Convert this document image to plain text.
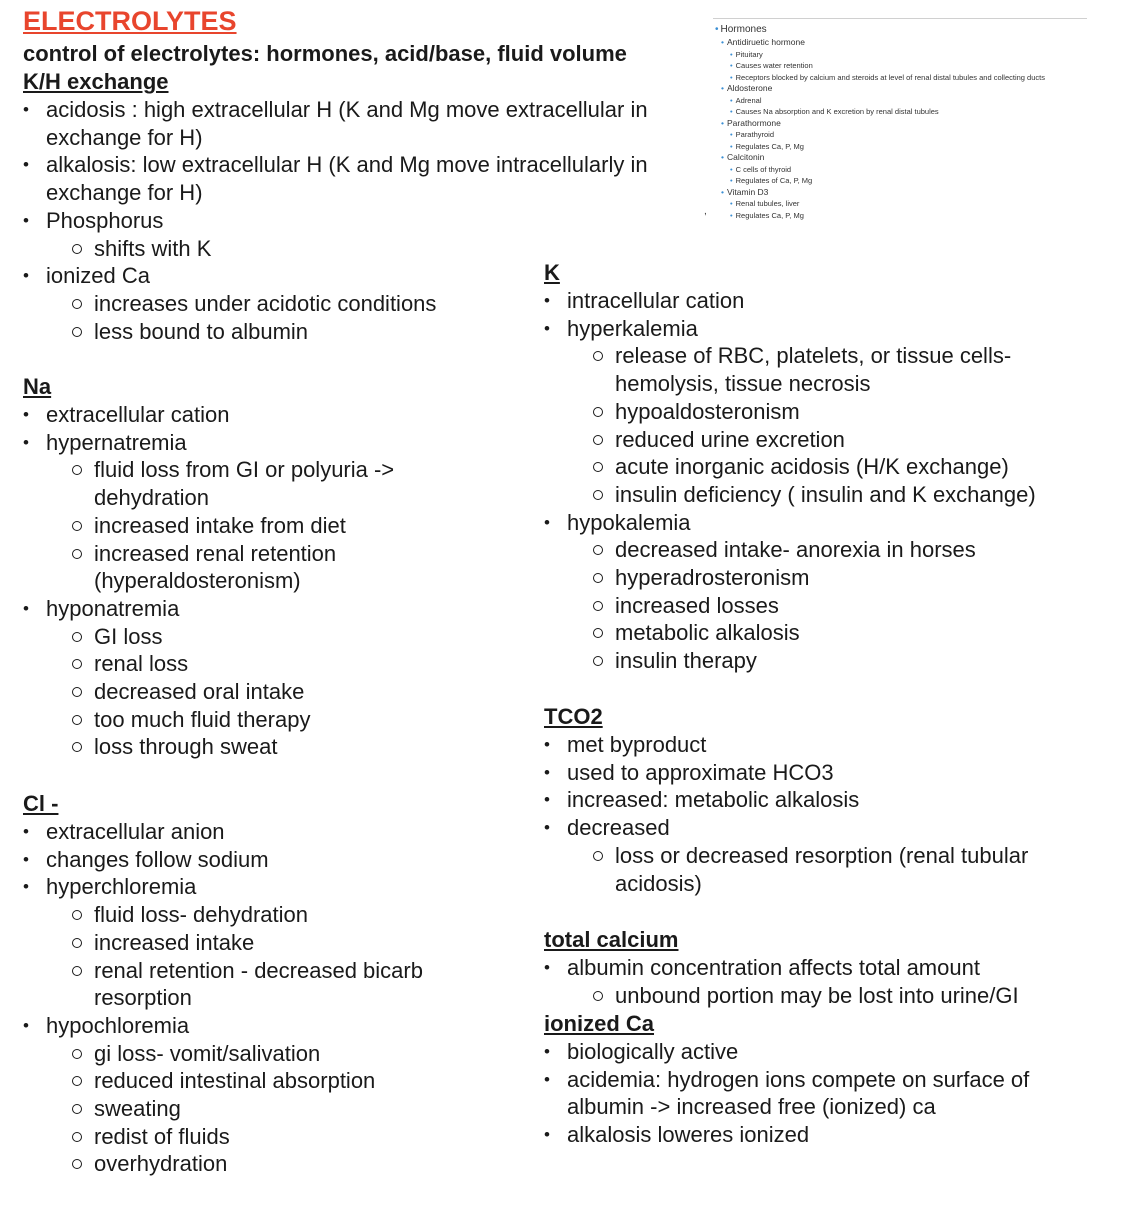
ELECTROLYTES
control of electrolytes: hormones, acid/base, fluid volume
K/H exchange
• acidosis : high extracellular H (K and Mg move extracellular in exchange for H)
• alkalosis: low extracellular H (K and Mg move intracellularly in exchange for H)
• Phosphorus
shifts with K
• ionized Ca
increases under acidotic conditions
less bound to albumin
Na
• extracellular cation
• hypernatremia
fluid loss from GI or polyuria -> dehydration
increased intake from diet
increased renal retention (hyperaldosteronism)
• hyponatremia
GI loss
renal loss
decreased oral intake
too much fluid therapy
loss through sweat
Cl -
• extracellular anion
• changes follow sodium
• hyperchloremia
fluid loss- dehydration
increased intake
renal retention - decreased bicarb resorption
• hypochloremia
gi loss- vomit/salivation
reduced intestinal absorption
sweating
redist of fluids
overhydration
K
• intracellular cation
• hyperkalemia
release of RBC, platelets, or tissue cells- hemolysis, tissue necrosis
hypoaldosteronism
reduced urine excretion
acute inorganic acidosis (H/K exchange)
insulin deficiency ( insulin and K exchange)
• hypokalemia
decreased intake- anorexia in horses
hyperadrosteronism
increased losses
metabolic alkalosis
insulin therapy
TCO2
• met byproduct
• used to approximate HCO3
• increased: metabolic alkalosis
• decreased
loss or decreased resorption (renal tubular acidosis)
total calcium
• albumin concentration affects total amount
unbound portion may be lost into urine/GI
ionized Ca
• biologically active
• acidemia: hydrogen ions compete on surface of albumin -> increased free (ionized) ca
• alkalosis loweres ionized
• Hormones
• Antidiruetic hormone
• Pituitary
• Causes water retention
• Receptors blocked by calcium and steroids at level of renal distal tubules and collecting ducts
• Aldosterone
• Adrenal
• Causes Na absorption and K excretion by renal distal tubules
• Parathormone
• Parathyroid
• Regulates Ca, P, Mg
• Calcitonin
• C cells of thyroid
• Regulates of Ca, P, Mg
• Vitamin D3
• Renal tubules, liver
• Regulates Ca, P, Mg
,
